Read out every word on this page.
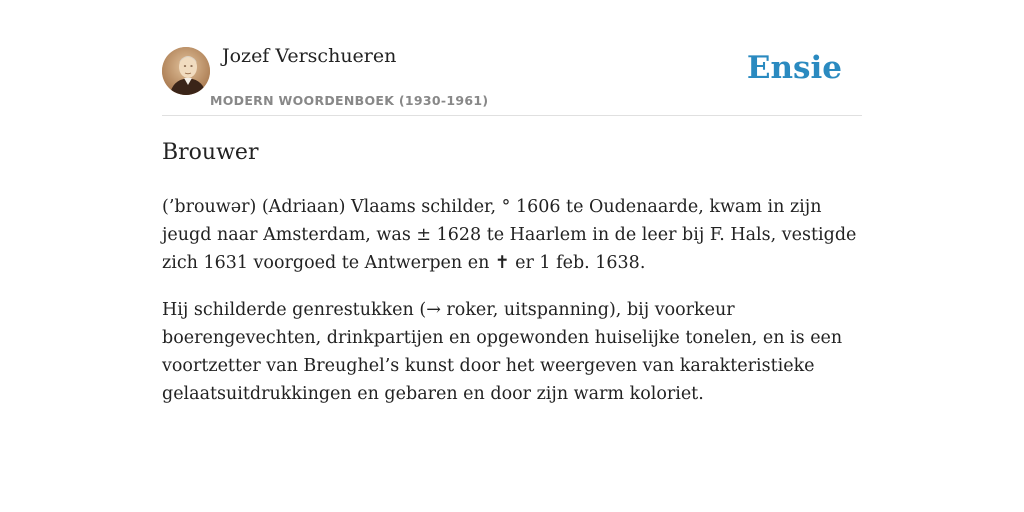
Jozef Verschueren
MODERN WOORDENBOEK (1930-1961)
Ensie
Brouwer

(’brouwər) (Adriaan) Vlaams schilder, ° 1606 te Oudenaarde, kwam in zijn jeugd naar Amsterdam, was ± 1628 te Haarlem in de leer bij F. Hals, vestigde zich 1631 voorgoed te Antwerpen en ✝ er 1 feb. 1638.

Hij schilderde genrestukken (→ roker, uitspanning), bij voorkeur boerengevechten, drinkpartijen en opgewonden huiselijke tonelen, en is een voortzetter van Breughel’s kunst door het weergeven van karakteristieke gelaatsuitdrukkingen en gebaren en door zijn warm koloriet.
